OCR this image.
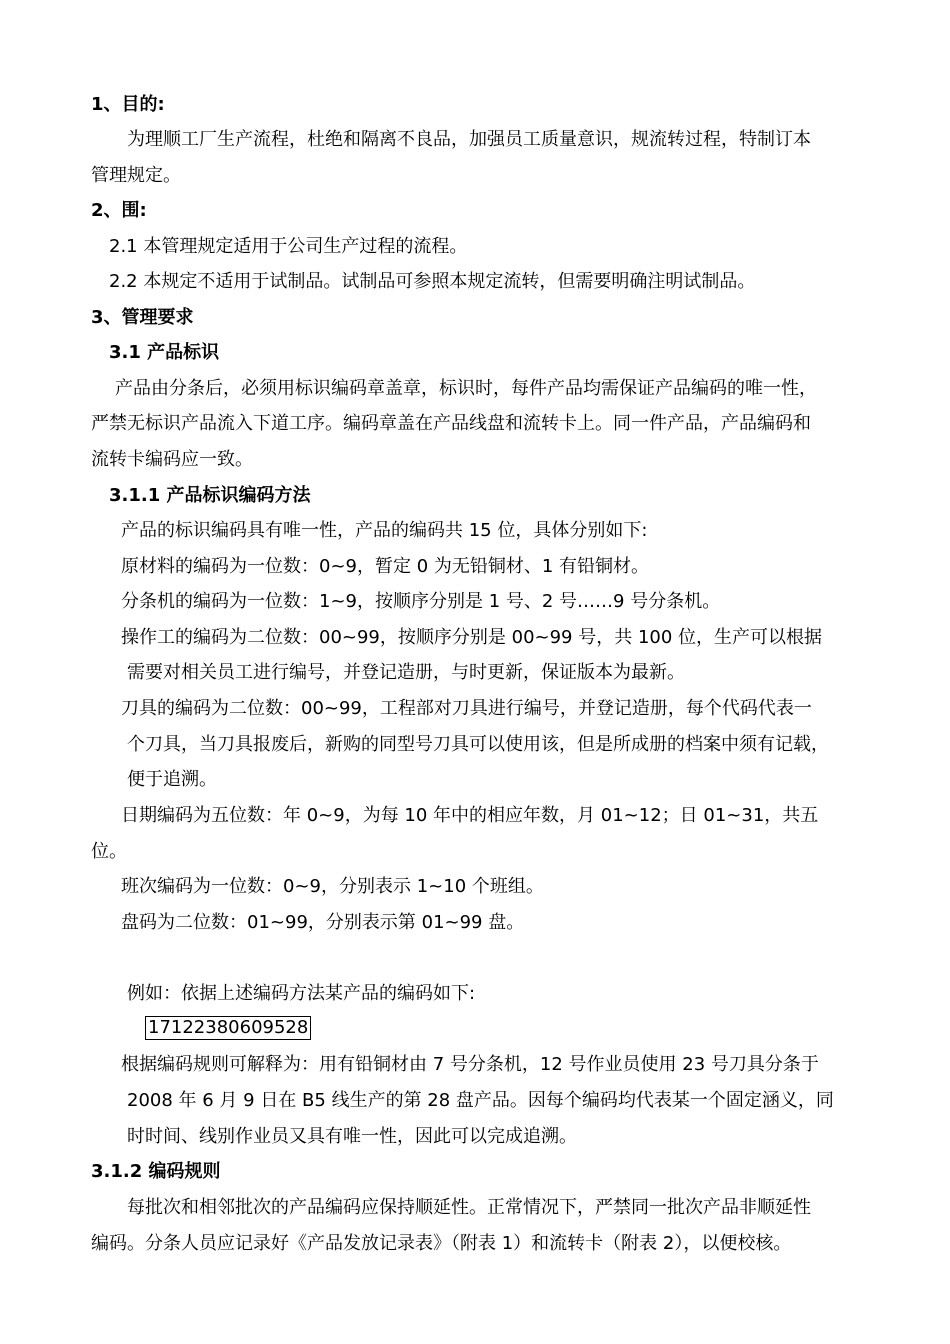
1、目的:
为理顺工厂生产流程，杜绝和隔离不良品，加强员工质量意识，规流转过程，特制订本
管理规定。
2、围:
2.1 本管理规定适用于公司生产过程的流程。
2.2 本规定不适用于试制品。试制品可参照本规定流转，但需要明确注明试制品。
3、管理要求
3.1 产品标识
产品由分条后，必须用标识编码章盖章，标识时，每件产品均需保证产品编码的唯一性，
严禁无标识产品流入下道工序。编码章盖在产品线盘和流转卡上。同一件产品，产品编码和
流转卡编码应一致。
3.1.1 产品标识编码方法
产品的标识编码具有唯一性，产品的编码共 15 位，具体分别如下:
原材料的编码为一位数：0~9，暂定 0 为无铅铜材、1 有铅铜材。
分条机的编码为一位数：1~9，按顺序分别是 1 号、2 号……9 号分条机。
操作工的编码为二位数：00~99，按顺序分别是 00~99 号，共 100 位，生产可以根据
需要对相关员工进行编号，并登记造册，与时更新，保证版本为最新。
刀具的编码为二位数：00~99，工程部对刀具进行编号，并登记造册，每个代码代表一
个刀具，当刀具报废后，新购的同型号刀具可以使用该，但是所成册的档案中须有记载，
便于追溯。
日期编码为五位数：年 0~9，为每 10 年中的相应年数，月 01~12；日 01~31，共五
位。
班次编码为一位数：0~9，分别表示 1~10 个班组。
盘码为二位数：01~99，分别表示第 01~99 盘。
例如：依据上述编码方法某产品的编码如下:
17122380609528
根据编码规则可解释为：用有铅铜材由 7 号分条机，12 号作业员使用 23 号刀具分条于
2008 年 6 月 9 日在 B5 线生产的第 28 盘产品。因每个编码均代表某一个固定涵义，同
时时间、线别作业员又具有唯一性，因此可以完成追溯。
3.1.2 编码规则
每批次和相邻批次的产品编码应保持顺延性。正常情况下，严禁同一批次产品非顺延性
编码。分条人员应记录好《产品发放记录表》（附表 1）和流转卡（附表 2），以便校核。
